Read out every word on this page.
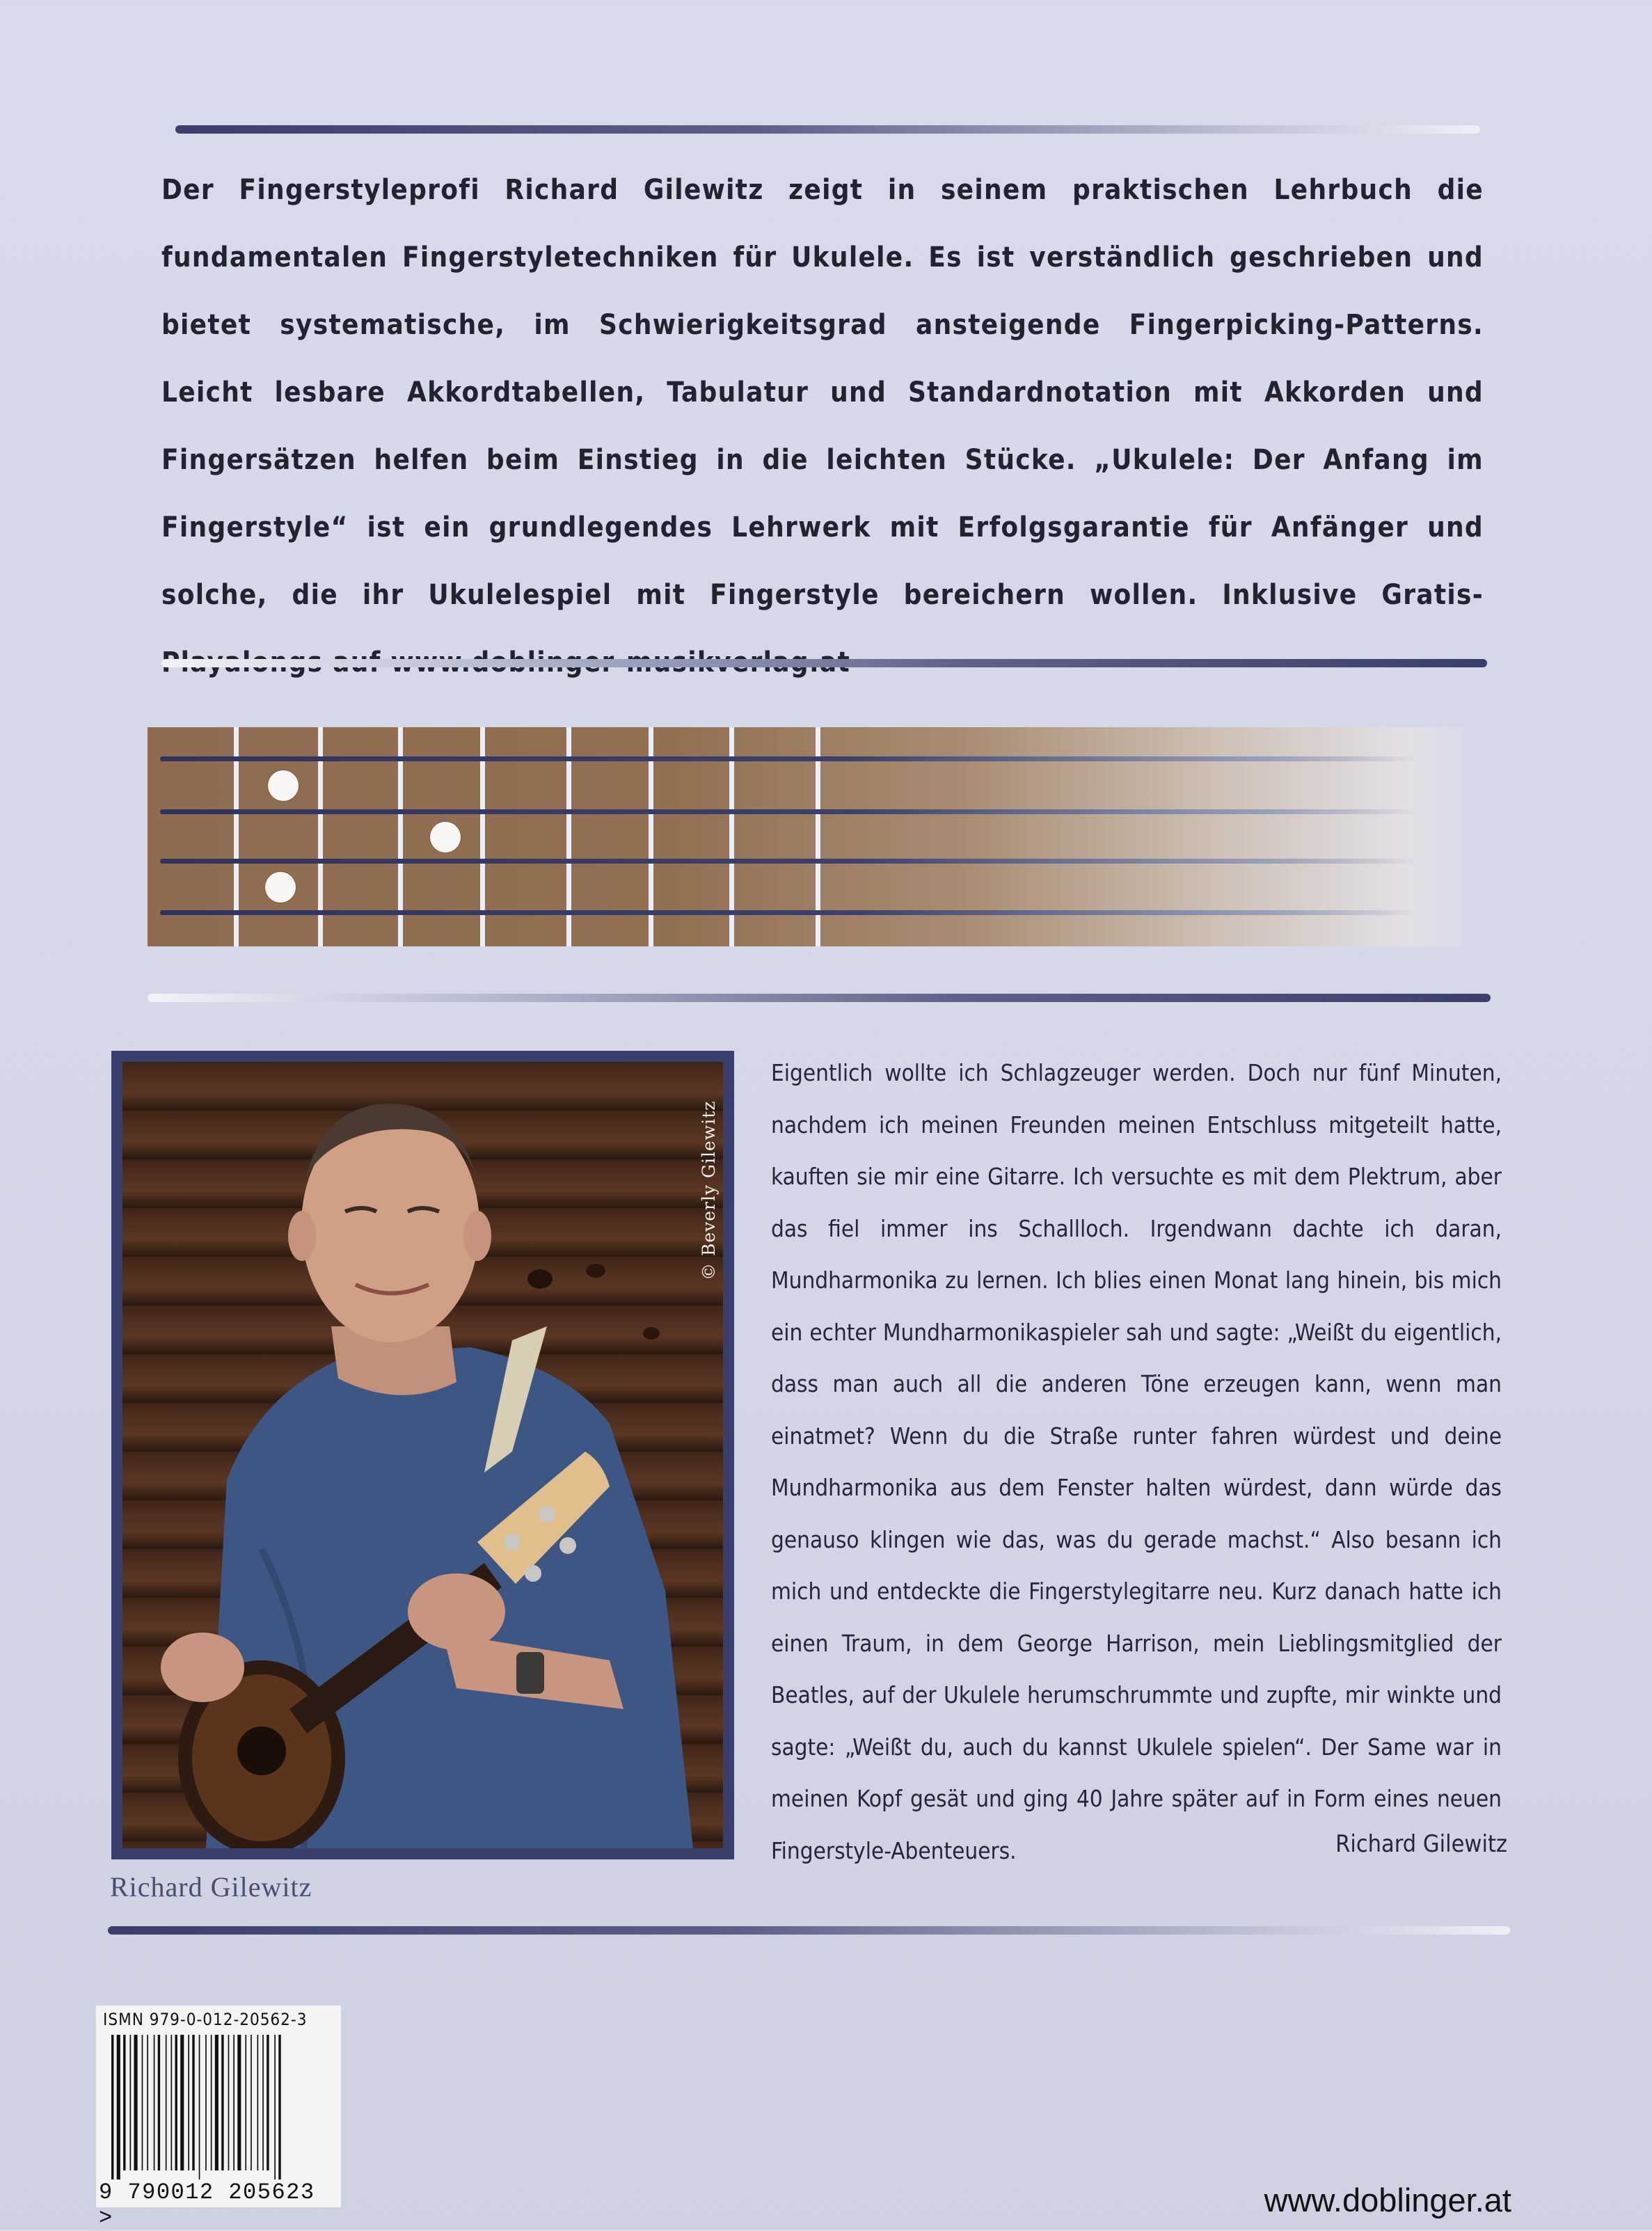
Der Fingerstyleprofi Richard Gilewitz zeigt in seinem praktischen Lehrbuch die fundamentalen Fingerstyletechniken für Ukulele. Es ist verständlich geschrieben und bietet systematische, im Schwierigkeitsgrad ansteigende Fingerpicking-Patterns. Leicht lesbare Akkordtabellen, Tabulatur und Standardnotation mit Akkorden und Fingersätzen helfen beim Einstieg in die leichten Stücke. „Ukulele: Der Anfang im Fingerstyle“ ist ein grundlegendes Lehrwerk mit Erfolgsgarantie für Anfänger und solche, die ihr Ukulelespiel mit Fingerstyle bereichern wollen. Inklusive Gratis-
© Beverly Gilewitz
Richard Gilewitz
Eigentlich wollte ich Schlagzeuger werden. Doch nur fünf Minuten, nachdem ich meinen Freunden meinen Entschluss mitgeteilt hatte, kauften sie mir eine Gitarre. Ich versuchte es mit dem Plektrum, aber das fiel immer ins Schallloch. Irgendwann dachte ich daran, Mundharmonika zu lernen. Ich blies einen Monat lang hinein, bis mich ein echter Mundharmonikaspieler sah und sagte: „Weißt du eigentlich, dass man auch all die anderen Töne erzeugen kann, wenn man einatmet? Wenn du die Straße runter fahren würdest und deine Mundharmonika aus dem Fenster halten würdest, dann würde das genauso klingen wie das, was du gerade machst.“ Also besann ich mich und entdeckte die Fingerstylegitarre neu. Kurz danach hatte ich einen Traum, in dem George Harrison, mein Lieblingsmitglied der Beatles, auf der Ukulele herumschrummte und zupfte, mir winkte und sagte: „Weißt du, auch du kannst Ukulele spielen“. Der Same war in meinen Kopf gesät und ging 40 Jahre später auf in Form eines neuen Fingerstyle-Abenteuers.	Richard Gilewitz
ISMN 979-0-012-20562-3
9 790012 205623 >	www.doblinger.at
